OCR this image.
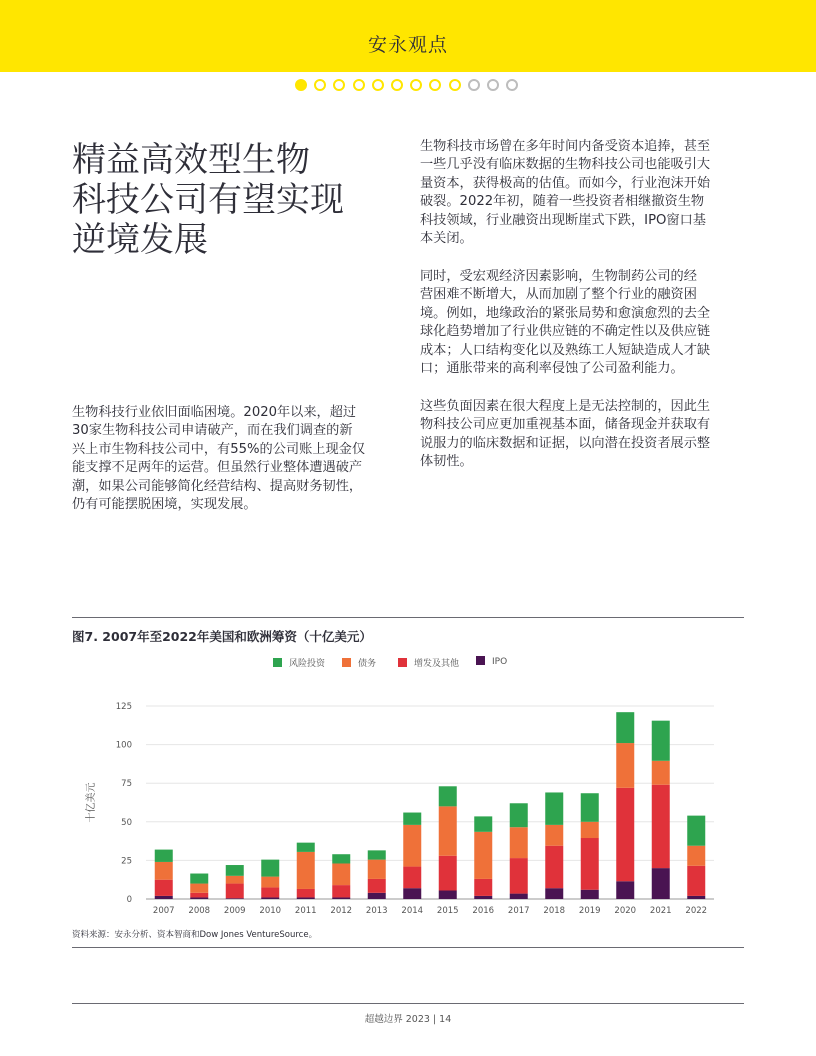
安永观点
精益高效型生物
科技公司有望实现
逆境发展
生物科技行业依旧面临困境。2020年以来，超过
30家生物科技公司申请破产，而在我们调查的新
兴上市生物科技公司中，有55%的公司账上现金仅
能支撑不足两年的运营。但虽然行业整体遭遇破产
潮，如果公司能够简化经营结构、提高财务韧性，
仍有可能摆脱困境，实现发展。
生物科技市场曾在多年时间内备受资本追捧，甚至
一些几乎没有临床数据的生物科技公司也能吸引大
量资本，获得极高的估值。而如今，行业泡沫开始
破裂。2022年初，随着一些投资者相继撤资生物
科技领域，行业融资出现断崖式下跌，IPO窗口基
本关闭。
同时，受宏观经济因素影响，生物制药公司的经
营困难不断增大，从而加剧了整个行业的融资困
境。例如，地缘政治的紧张局势和愈演愈烈的去全
球化趋势增加了行业供应链的不确定性以及供应链
成本；人口结构变化以及熟练工人短缺造成人才缺
口；通胀带来的高利率侵蚀了公司盈利能力。
这些负面因素在很大程度上是无法控制的，因此生
物科技公司应更加重视基本面，储备现金并获取有
说服力的临床数据和证据，以向潜在投资者展示整
体韧性。
图7. 2007年至2022年美国和欧洲筹资（十亿美元）
风险投资	债务	增发及其他	IPO
0
25
50
75
100
125
十亿美元
2007 2008 2009 2010 2011 2012 2013 2014 2015 2016 2017 2018 2019 2020 2021 2022
资料来源：安永分析、资本智商和Dow Jones VentureSource。
超越边界 2023 | 14
